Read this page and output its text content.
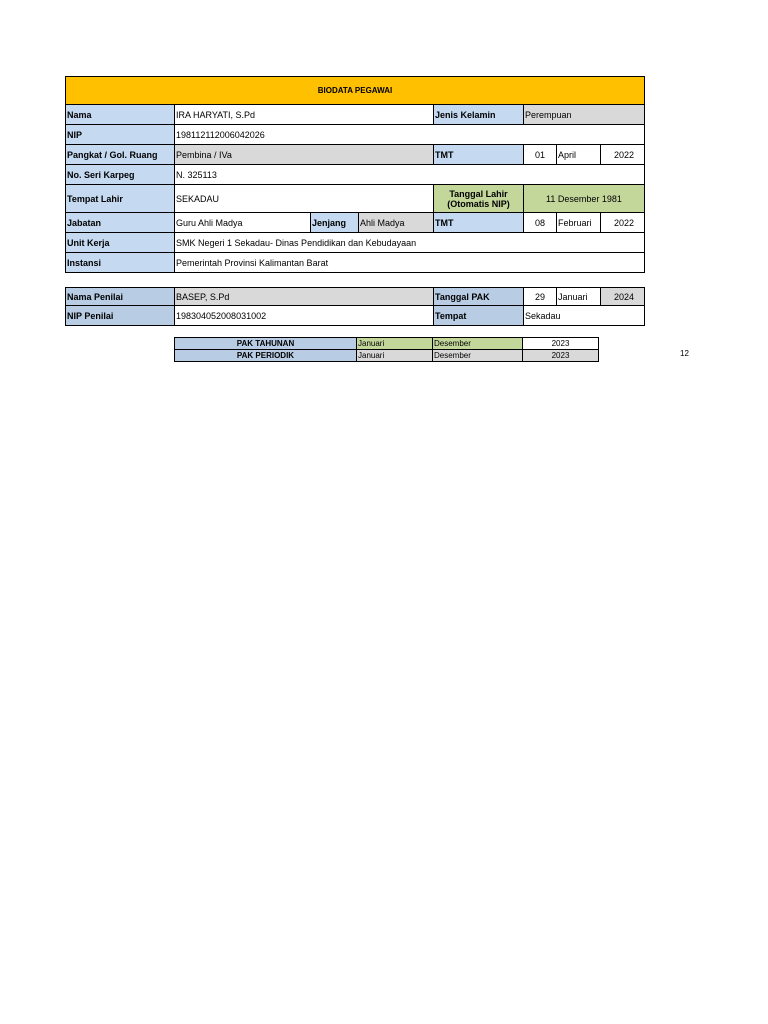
BIODATA PEGAWAI
Nama	IRA HARYATI, S.Pd	Jenis Kelamin	Perempuan
NIP	198112112006042026
Pangkat / Gol. Ruang	Pembina / IVa	TMT	01	April	2022
No. Seri Karpeg	N. 325113
Tempat Lahir	SEKADAU	Tanggal Lahir (Otomatis NIP)	11 Desember 1981
Jabatan	Guru Ahli Madya	Jenjang	Ahli Madya	TMT	08	Februari	2022
Unit Kerja	SMK Negeri 1 Sekadau- Dinas Pendidikan dan Kebudayaan
Instansi	Pemerintah Provinsi Kalimantan Barat
Nama Penilai	BASEP, S.Pd	Tanggal PAK	29	Januari	2024
NIP Penilai	198304052008031002	Tempat	Sekadau
PAK TAHUNAN	Januari	Desember	2023
PAK PERIODIK	Januari	Desember	2023	12
